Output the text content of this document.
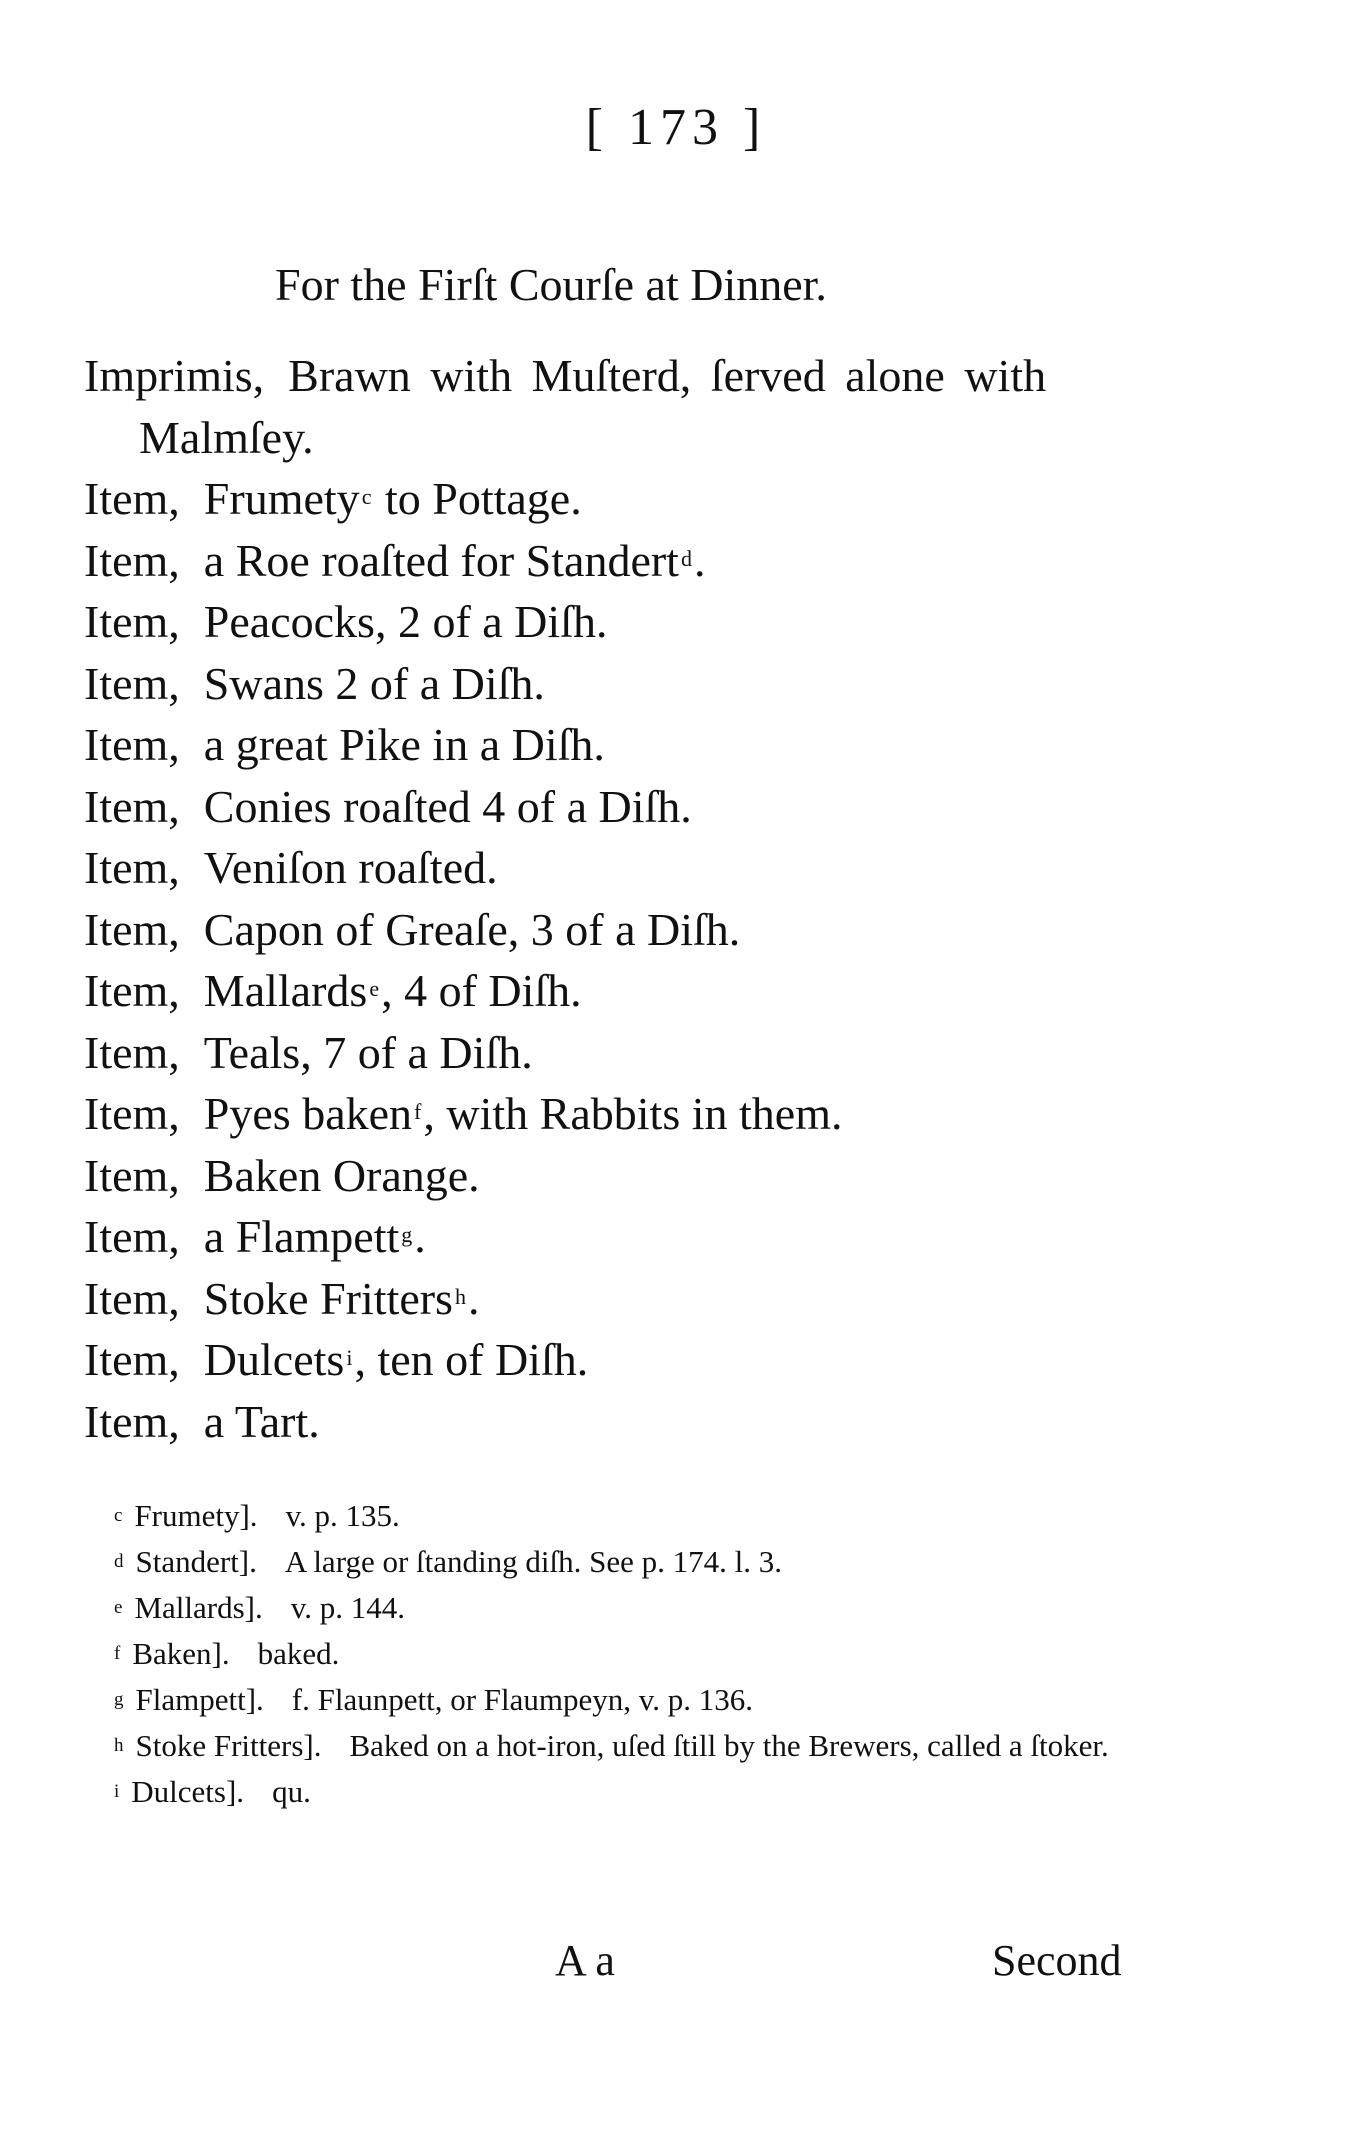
[ 173 ]
For the Firſt Courſe at Dinner.
Imprimis, Brawn with Muſterd, ſerved alone with Malmſey.
Item, Frumety$^c$ to Pottage.
Item, a Roe roaſted for Standert$^d$.
Item, Peacocks, 2 of a Diſh.
Item, Swans 2 of a Diſh.
Item, a great Pike in a Diſh.
Item, Conies roaſted 4 of a Diſh.
Item, Veniſon roaſted.
Item, Capon of Greaſe, 3 of a Diſh.
Item, Mallards$^e$, 4 of Diſh.
Item, Teals, 7 of a Diſh.
Item, Pyes baken$^f$, with Rabbits in them.
Item, Baken Orange.
Item, a Flampett$^g$.
Item, Stoke Fritters$^h$.
Item, Dulcets$^i$, ten of Diſh.
Item, a Tart.
$^c$ Frumety]. v. p. 135.
$^d$ Standert]. A large or ſtanding diſh. See p. 174. l. 3.
$^e$ Mallards]. v. p. 144.
$^f$ Baken]. baked.
$^g$ Flampett]. f. Flaunpett, or Flaumpeyn, v. p. 136.
$^h$ Stoke Fritters]. Baked on a hot-iron, uſed ſtill by the Brewers, called a ſtoker.
$^i$ Dulcets]. qu.
A a	Second
